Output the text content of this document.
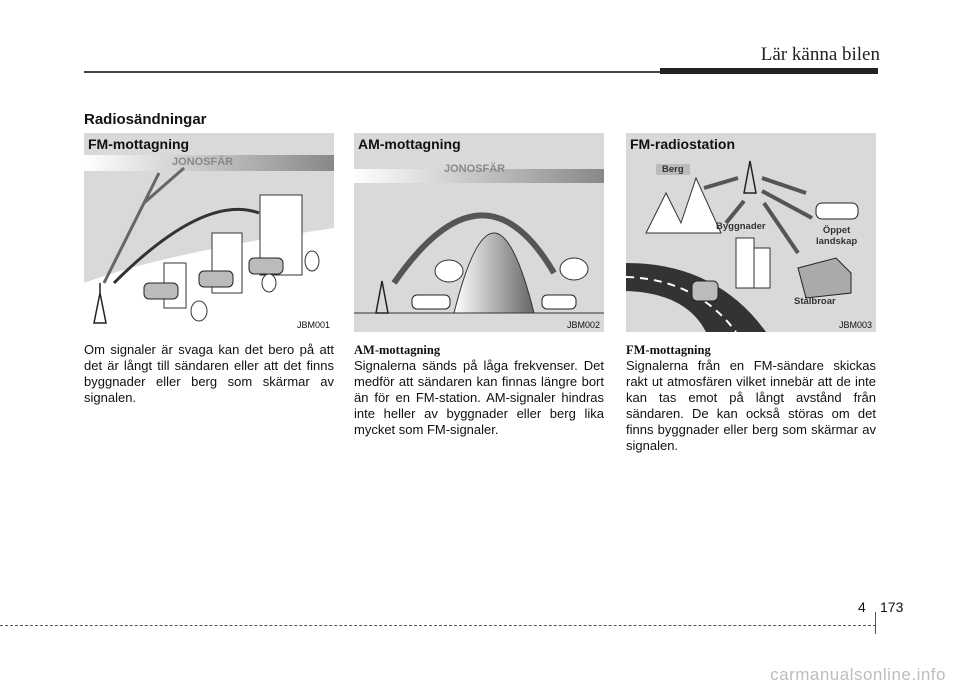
Lär känna bilen
Radiosändningar
FM-mottagning
JONOSFÄR
JBM001
AM-mottagning
JONOSFÄR
JBM002
FM-radiostation
Berg
Byggnader	Öppet
landskap
Stålbroar
JBM003
Om signaler är svaga kan det bero på att det är långt till sändaren eller att det finns byggnader eller berg som skärmar av signalen.
AM-mottagning
Signalerna sänds på låga frekvenser. Det medför att sändaren kan finnas längre bort än för en FM-station. AM-signaler hindras inte heller av byggnader eller berg lika mycket som FM-signaler.
FM-mottagning
Signalerna från en FM-sändare skickas rakt ut atmosfären vilket innebär att de inte kan tas emot på långt avstånd från sändaren. De kan också störas om det finns byggnader eller berg som skärmar av signalen.
4 173
carmanualsonline.info
